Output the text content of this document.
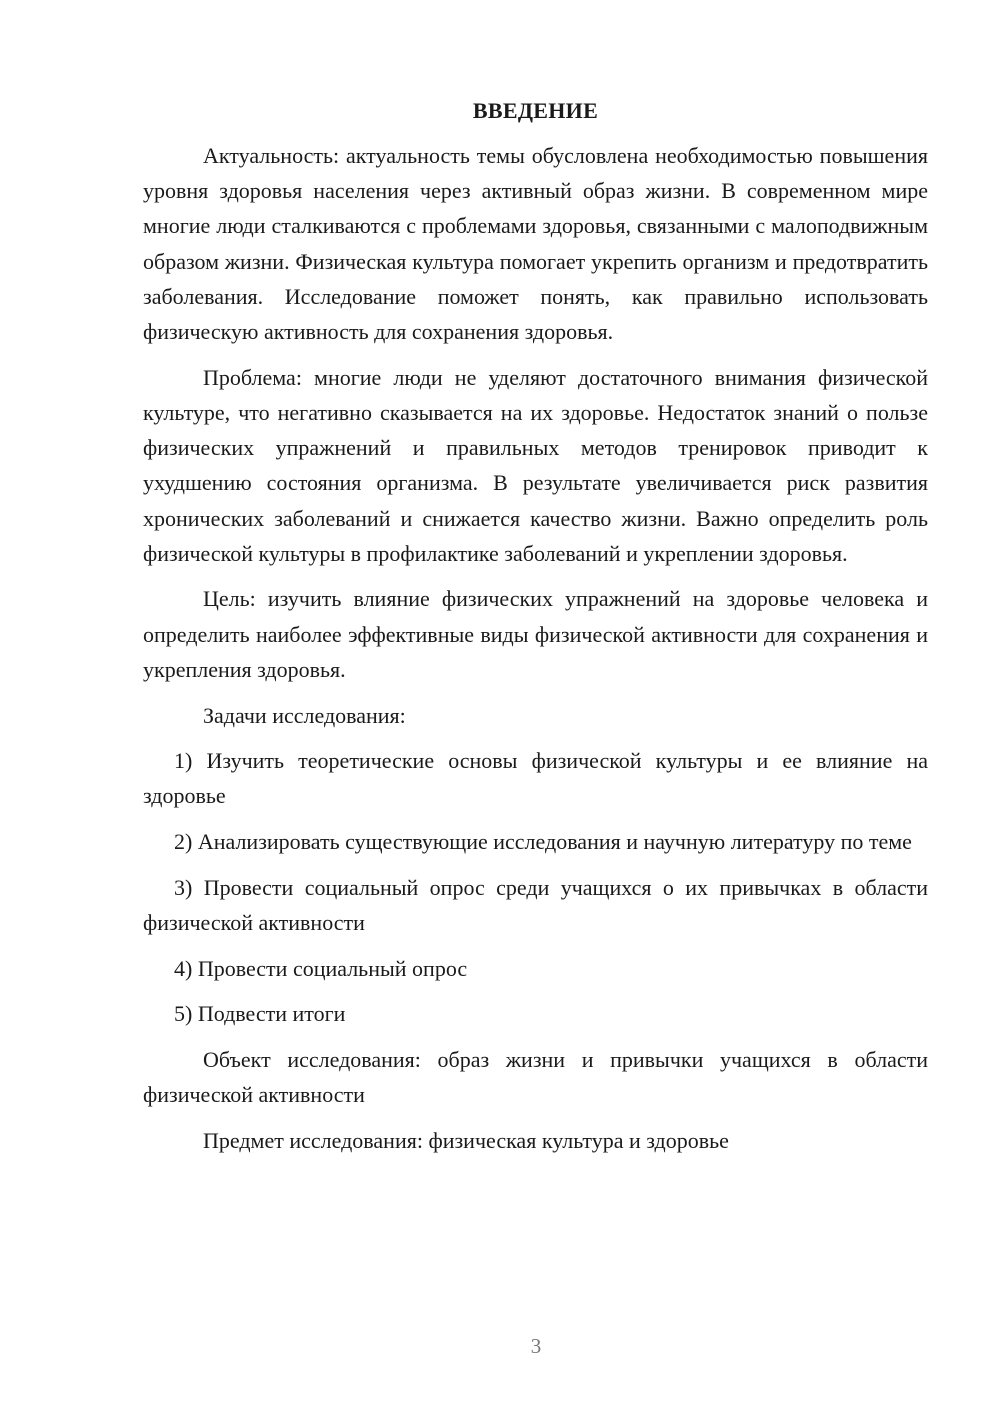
ВВЕДЕНИЕ

Актуальность: актуальность темы обусловлена необходимостью повышения уровня здоровья населения через активный образ жизни. В современном мире многие люди сталкиваются с проблемами здоровья, связанными с малоподвижным образом жизни. Физическая культура помогает укрепить организм и предотвратить заболевания. Исследование поможет понять, как правильно использовать физическую активность для сохранения здоровья.

Проблема: многие люди не уделяют достаточного внимания физической культуре, что негативно сказывается на их здоровье. Недостаток знаний о пользе физических упражнений и правильных методов тренировок приводит к ухудшению состояния организма. В результате увеличивается риск развития хронических заболеваний и снижается качество жизни. Важно определить роль физической культуры в профилактике заболеваний и укреплении здоровья.

Цель: изучить влияние физических упражнений на здоровье человека и определить наиболее эффективные виды физической активности для сохранения и укрепления здоровья.

Задачи исследования:

1) Изучить теоретические основы физической культуры и ее влияние на здоровье

2) Анализировать существующие исследования и научную литературу по теме

3) Провести социальный опрос среди учащихся о их привычках в области физической активности

4) Провести социальный опрос

5) Подвести итоги

Объект исследования: образ жизни и привычки учащихся в области физической активности

Предмет исследования: физическая культура и здоровье

3
